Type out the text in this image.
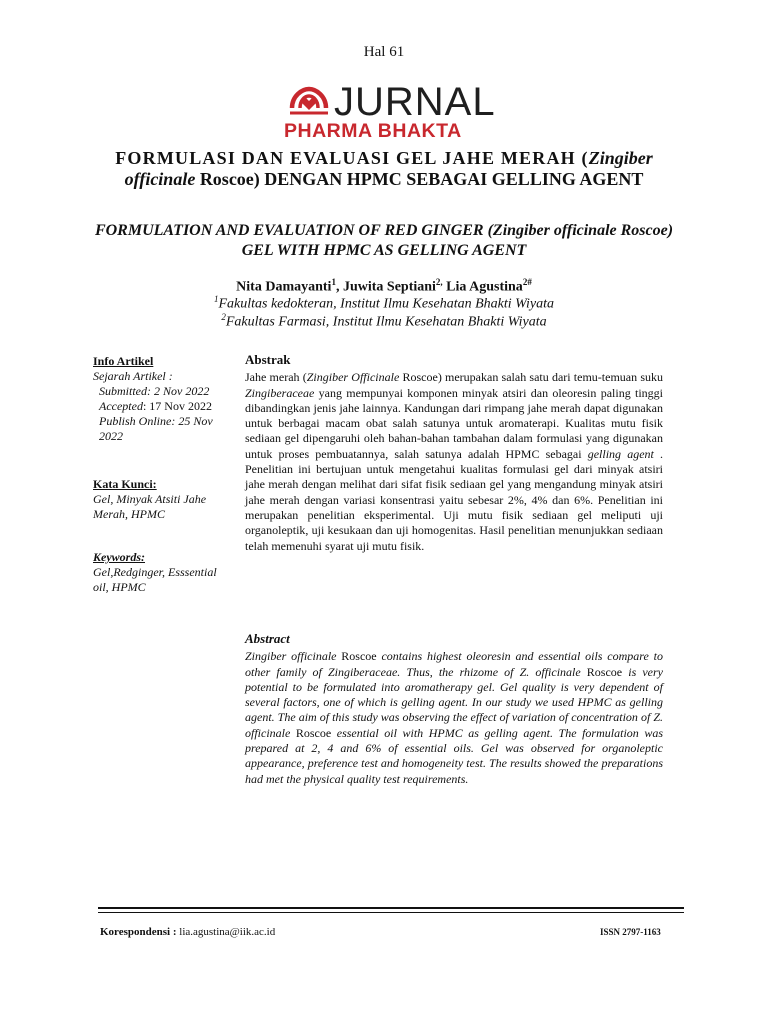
Hal 61
JURNAL
PHARMA BHAKTA
FORMULASI DAN EVALUASI GEL JAHE MERAH (Zingiber officinale Roscoe) DENGAN HPMC SEBAGAI GELLING AGENT
FORMULATION AND EVALUATION OF RED GINGER (Zingiber officinale Roscoe) GEL WITH HPMC AS GELLING AGENT
Nita Damayanti$^1$, Juwita Septiani$^{2,}$ Lia Agustina$^{2\#}$
$^1$Fakultas kedokteran, Institut Ilmu Kesehatan Bhakti Wiyata
$^2$Fakultas Farmasi, Institut Ilmu Kesehatan Bhakti Wiyata
Info Artikel
Sejarah Artikel :
Submitted: 2 Nov 2022
Accepted: 17 Nov 2022
Publish Online: 25 Nov 2022
Kata Kunci:
Gel, Minyak Atsiti Jahe Merah, HPMC
Keywords:
Gel,Redginger, Esssential oil, HPMC
Abstrak

Jahe merah (Zingiber Officinale Roscoe) merupakan salah satu dari temu-temuan suku Zingiberaceae yang mempunyai komponen minyak atsiri dan oleoresin paling tinggi dibandingkan jenis jahe lainnya. Kandungan dari rimpang jahe merah dapat digunakan untuk berbagai macam obat salah satunya untuk aromaterapi. Kualitas mutu fisik sediaan gel dipengaruhi oleh bahan-bahan tambahan dalam formulasi yang digunakan untuk proses pembuatannya, salah satunya adalah HPMC sebagai gelling agent . Penelitian ini bertujuan untuk mengetahui kualitas formulasi gel dari minyak atsiri jahe merah dengan melihat dari sifat fisik sediaan gel yang mengandung minyak atsiri jahe merah dengan variasi konsentrasi yaitu sebesar 2%, 4% dan 6%. Penelitian ini merupakan penelitian eksperimental. Uji mutu fisik sediaan gel meliputi uji organoleptik, uji kesukaan dan uji homogenitas. Hasil penelitian menunjukkan sediaan telah memenuhi syarat uji mutu fisik.

Abstract

Zingiber officinale Roscoe contains highest oleoresin and essential oils compare to other family of Zingiberaceae. Thus, the rhizome of Z. officinale Roscoe is very potential to be formulated into aromatherapy gel. Gel quality is very dependent of several factors, one of which is gelling agent. In our study we used HPMC as gelling agent. The aim of this study was observing the effect of variation of concentration of Z. officinale Roscoe essential oil with HPMC as gelling agent. The formulation was prepared at 2, 4 and 6% of essential oils. Gel was observed for organoleptic appearance, preference test and homogeneity test. The results showed the preparations had met the physical quality test requirements.

Korespondensi : lia.agustina@iik.ac.id	ISSN 2797-1163
